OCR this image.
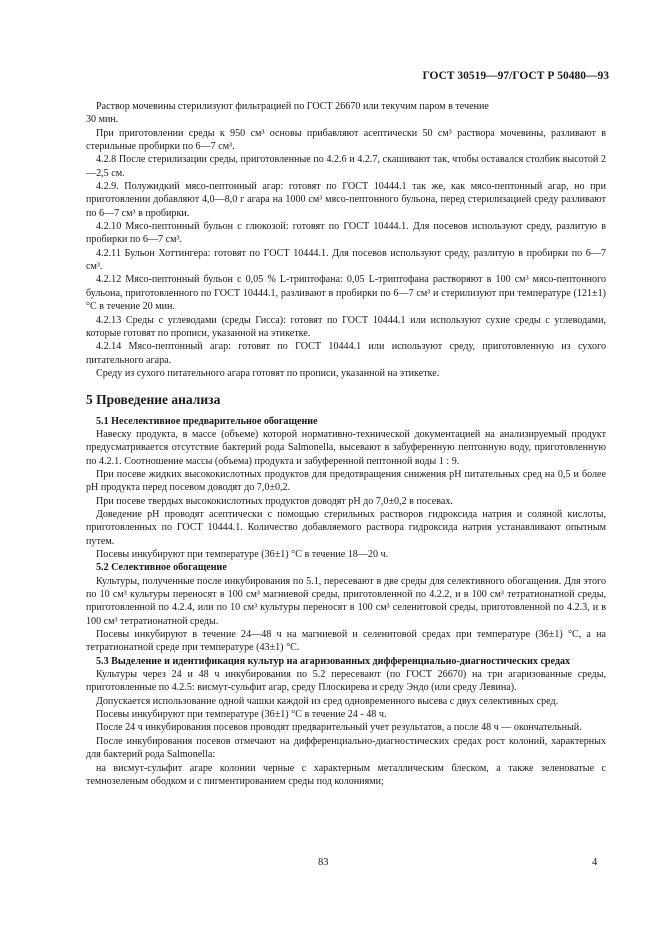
ГОСТ 30519—97/ГОСТ Р 50480—93

Раствор мочевины стерилизуют фильтрацией по ГОСТ 26670 или текучим паром в течение

30 мин.

При приготовлении среды к 950 см³ основы прибавляют асептически 50 см³ раствора мочевины, разливают в стерильные пробирки по 6—7 см³.

4.2.8 После стерилизации среды, приготовленные по 4.2.6 и 4.2.7, скашивают так, чтобы оставался столбик высотой 2—2,5 см.

4.2.9. Полужидкий мясо-пептонный агар: готовят по ГОСТ 10444.1 так же, как мясо-пептонный агар, но при приготовлении добавляют 4,0—8,0 г агара на 1000 см³ мясо-пептонного бульона, перед стерилизацией среду разливают по 6—7 см³ в пробирки.

4.2.10 Мясо-пептонный бульон с глюкозой: готовят по ГОСТ 10444.1. Для посевов используют среду, разлитую в пробирки по 6—7 см³.

4.2.11 Бульон Хоттингера: готовят по ГОСТ 10444.1. Для посевов используют среду, разлитую в пробирки по 6—7 см³.

4.2.12 Мясо-пептонный бульон с 0,05 % L-триптофана: 0,05 L-триптофана растворяют в 100 см³ мясо-пептонного бульона, приготовленного по ГОСТ 10444.1, разливают в пробирки по 6—7 см³ и стерилизуют при температуре (121±1) °С в течение 20 мин.

4.2.13 Среды с углеводами (среды Гисса): готовят по ГОСТ 10444.1 или используют сухие среды с углеводами, которые готовят по прописи, указанной на этикетке.

4.2.14 Мясо-пептонный агар: готовят по ГОСТ 10444.1 или используют среду, приготовленную из сухого питательного агара.

Среду из сухого питательного агара готовят по прописи, указанной на этикетке.

5 Проведение анализа
5.1 Неселективное предварительное обогащение

Навеску продукта, в массе (объеме) которой нормативно-технической документацией на анализируемый продукт предусматривается отсутствие бактерий рода Salmonella, высевают в забуференную пептонную воду, приготовленную по 4.2.1. Соотношение массы (объема) продукта и забуференной пептонной воды 1 : 9.

При посеве жидких высококислотных продуктов для предотвращения снижения pH питательных сред на 0,5 и более pH продукта перед посевом доводят до 7,0±0,2.

При посеве твердых высококислотных продуктов доводят pH до 7,0±0,2 в посевах.

Доведение pH проводят асептически с помощью стерильных растворов гидроксида натрия и соляной кислоты, приготовленных по ГОСТ 10444.1. Количество добавляемого раствора гидроксида натрия устанавливают опытным путем.

Посевы инкубируют при температуре (36±1) °С в течение 18—20 ч.

5.2 Селективное обогащение

Культуры, полученные после инкубирования по 5.1, пересевают в две среды для селективного обогащения. Для этого по 10 см³ культуры переносят в 100 см³ магниевой среды, приготовленной по 4.2.2, и в 100 см³ тетратионатной среды, приготовленной по 4.2.4, или по 10 см³ культуры переносят в 100 см³ селенитовой среды, приготовленной по 4.2.3, и в 100 см³ тетратионатной среды.

Посевы инкубируют в течение 24—48 ч на магниевой и селенитовой средах при температуре (36±1) °С, а на тетратионатной среде при температуре (43±1) °С.

5.3 Выделение и идентификация культур на агаризованных дифференциально-диагностических средах

Культуры через 24 и 48 ч инкубирования по 5.2 пересевают (по ГОСТ 26670) на три агаризованные среды, приготовленные по 4.2.5: висмут-сульфит агар, среду Плоскирева и среду Эндо (или среду Левина).

Допускается использование одной чашки каждой из сред одновременного высева с двух селективных сред.

Посевы инкубируют при температуре (36±1) °С в течение 24 - 48 ч.

После 24 ч инкубирования посевов проводят предварительный учет результатов, а после 48 ч — окончательный.

После инкубирования посевов отмечают на дифференциально-диагностических средах рост колоний, характерных для бактерий рода Salmonella:

на висмут-сульфит агаре колонии черные с характерным металлическим блеском, а также зеленоватые с темнозеленым ободком и с пигментированием среды под колониями;

83	4
